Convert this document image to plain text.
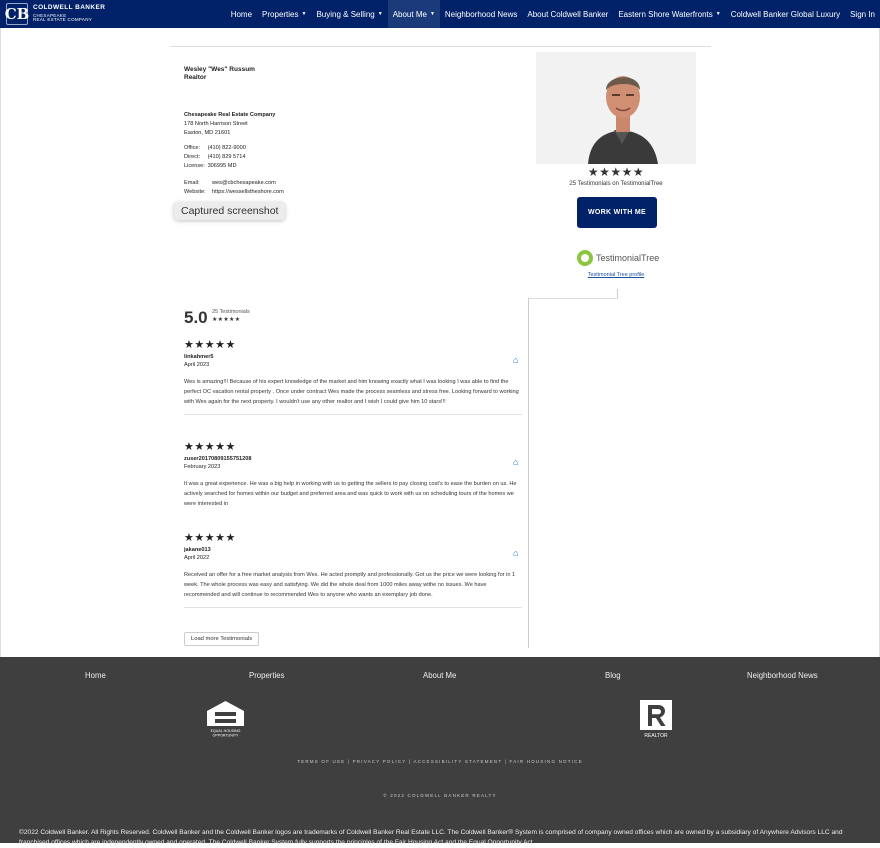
CB COLDWELL BANKER
CHESAPEAKE
REAL ESTATE COMPANY
Home Properties ▼ Buying & Selling ▼ About Me ▼ Neighborhood News About Coldwell Banker Eastern Shore Waterfronts ▼ Coldwell Banker Global Luxury Sign In
Wesley "Wes" Russum
Realtor
Chesapeake Real Estate Company
178 North Harrison Street
Easton, MD 21601
Office: (410) 822-9000
Direct: (410) 829 5714
License: 306995 MD
Email: wes@cbchesapeake.com
Website: https://wessellstheshore.com
Captured screenshot
★★★★★
25 Testimonials on TestimonialTree
WORK WITH ME
TestimonialTree
Testimonial Tree profile
5.0 25 Testimonials
★★★★★
★★★★★
linkahmer5
April 2023
Wes is amazing!!! Because of his expert knowledge of the market and him knowing exactly what I was looking I was able to find the perfect OC vacation rental property . Once under contract Wes made the process seamless and stress free. Looking forward to working with Wes again for the next property. I wouldn't use any other realtor and I wish I could give him 10 stars!!!
⌂
★★★★★
zuser20170809155751208
February 2023
It was a great experience. He was a big help in working with us to getting the sellers to pay closing cost's to ease the burden on us. He actively searched for homes within our budget and preferred area and was quick to work with us on scheduling tours of the homes we were interested in
⌂
★★★★★
jakane013
April 2022
Received an offer for a free market analysis from Wes. He acted promptly and professionally. Got us the price we were looking for in 1 week. The whole process was easy and satisfying. We did the whole deal from 1000 miles away withe no issues. We have recommended and will continue to recommended Wes to anyone who wants an exemplary job done.
⌂
Load more Testimonials
Home	Properties	About Me	Blog	Neighborhood News
EQUAL HOUSING
OPPORTUNITY	REALTOR
TERMS OF USE | PRIVACY POLICY | ACCESSIBILITY STATEMENT | FAIR HOUSING NOTICE
© 2022 COLDWELL BANKER REALTY
©2022 Coldwell Banker. All Rights Reserved. Coldwell Banker and the Coldwell Banker logos are trademarks of Coldwell Banker Real Estate LLC. The Coldwell Banker® System is comprised of company owned offices which are owned by a subsidiary of Anywhere Advisors LLC and franchised offices which are independently owned and operated. The Coldwell Banker System fully supports the principles of the Fair Housing Act and the Equal Opportunity Act.
